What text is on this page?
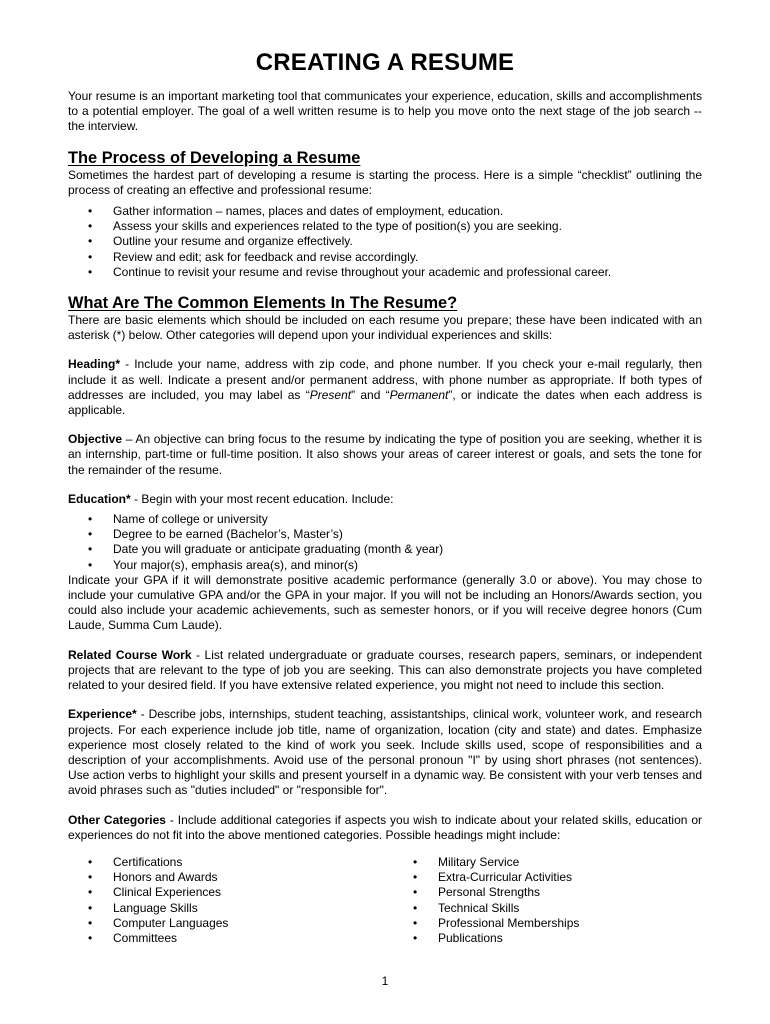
CREATING A RESUME

Your resume is an important marketing tool that communicates your experience, education, skills and accomplishments to a potential employer. The goal of a well written resume is to help you move onto the next stage of the job search -- the interview.

The Process of Developing a Resume

Sometimes the hardest part of developing a resume is starting the process. Here is a simple “checklist” outlining the process of creating an effective and professional resume:

• Gather information – names, places and dates of employment, education.
• Assess your skills and experiences related to the type of position(s) you are seeking.
• Outline your resume and organize effectively.
• Review and edit; ask for feedback and revise accordingly.
• Continue to revisit your resume and revise throughout your academic and professional career.
What Are The Common Elements In The Resume?

There are basic elements which should be included on each resume you prepare; these have been indicated with an asterisk (*) below. Other categories will depend upon your individual experiences and skills:

Heading* - Include your name, address with zip code, and phone number. If you check your e-mail regularly, then include it as well. Indicate a present and/or permanent address, with phone number as appropriate. If both types of addresses are included, you may label as “Present” and “Permanent”, or indicate the dates when each address is applicable.

Objective – An objective can bring focus to the resume by indicating the type of position you are seeking, whether it is an internship, part-time or full-time position. It also shows your areas of career interest or goals, and sets the tone for the remainder of the resume.

Education* - Begin with your most recent education. Include:

• Name of college or university
• Degree to be earned (Bachelor’s, Master’s)
• Date you will graduate or anticipate graduating (month & year)
• Your major(s), emphasis area(s), and minor(s)

Indicate your GPA if it will demonstrate positive academic performance (generally 3.0 or above). You may chose to include your cumulative GPA and/or the GPA in your major. If you will not be including an Honors/Awards section, you could also include your academic achievements, such as semester honors, or if you will receive degree honors (Cum Laude, Summa Cum Laude).

Related Course Work - List related undergraduate or graduate courses, research papers, seminars, or independent projects that are relevant to the type of job you are seeking. This can also demonstrate projects you have completed related to your desired field. If you have extensive related experience, you might not need to include this section.

Experience* - Describe jobs, internships, student teaching, assistantships, clinical work, volunteer work, and research projects. For each experience include job title, name of organization, location (city and state) and dates. Emphasize experience most closely related to the kind of work you seek. Include skills used, scope of responsibilities and a description of your accomplishments. Avoid use of the personal pronoun "I" by using short phrases (not sentences). Use action verbs to highlight your skills and present yourself in a dynamic way. Be consistent with your verb tenses and avoid phrases such as "duties included" or "responsible for".

Other Categories - Include additional categories if aspects you wish to indicate about your related skills, education or experiences do not fit into the above mentioned categories. Possible headings might include:

• Certifications
• Honors and Awards
• Clinical Experiences
• Language Skills
• Computer Languages
• Committees
• Military Service
• Extra-Curricular Activities
• Personal Strengths
• Technical Skills
• Professional Memberships
• Publications
1
